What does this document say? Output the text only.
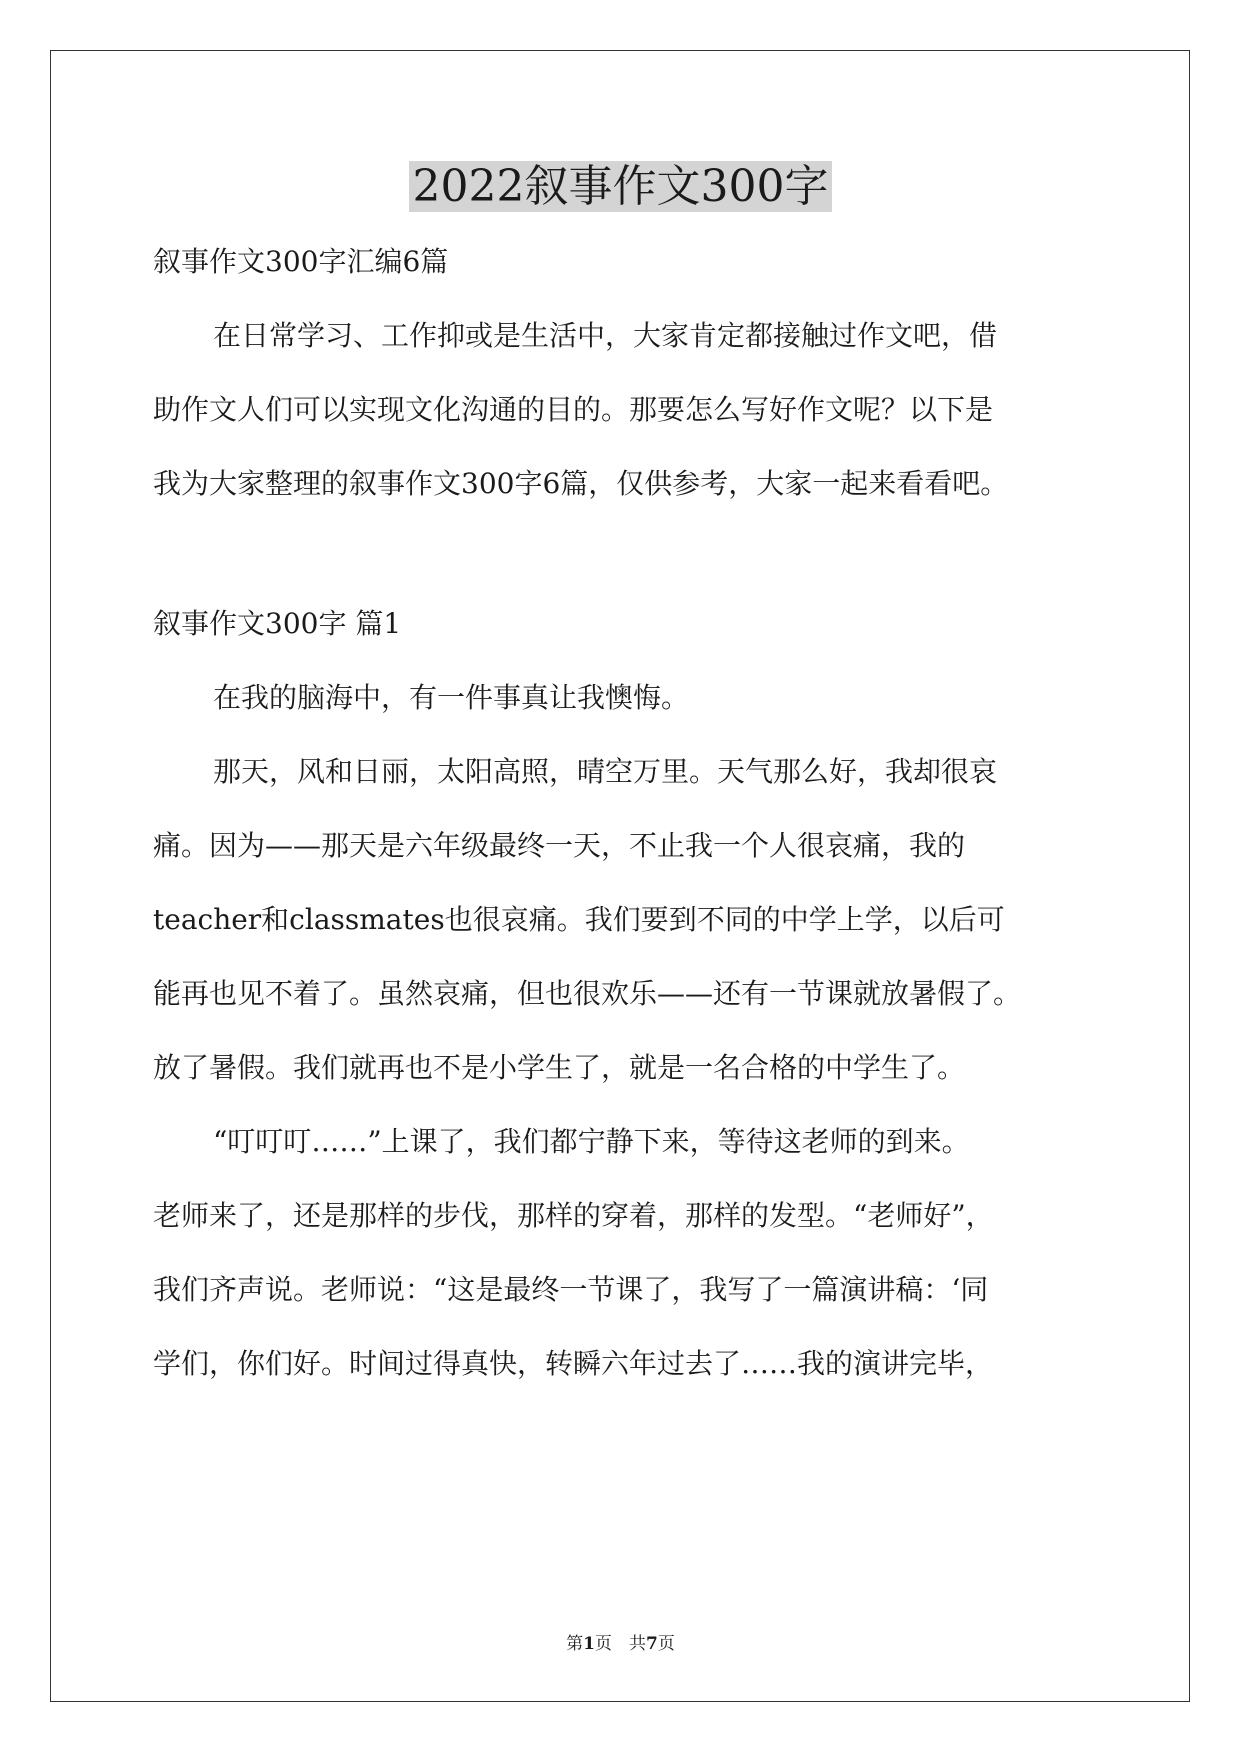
2022叙事作文300字

叙事作文300字汇编6篇

在日常学习、工作抑或是生活中，大家肯定都接触过作文吧，借

助作文人们可以实现文化沟通的目的。那要怎么写好作文呢？以下是

我为大家整理的叙事作文300字6篇，仅供参考，大家一起来看看吧。

叙事作文300字 篇1

在我的脑海中，有一件事真让我懊悔。

那天，风和日丽，太阳高照，晴空万里。天气那么好，我却很哀

痛。因为——那天是六年级最终一天，不止我一个人很哀痛，我的

teacher和classmates也很哀痛。我们要到不同的中学上学，以后可

能再也见不着了。虽然哀痛，但也很欢乐——还有一节课就放暑假了。

放了暑假。我们就再也不是小学生了，就是一名合格的中学生了。

“叮叮叮……”上课了，我们都宁静下来，等待这老师的到来。

老师来了，还是那样的步伐，那样的穿着，那样的发型。“老师好”，

我们齐声说。老师说：“这是最终一节课了，我写了一篇演讲稿：‘同

学们，你们好。时间过得真快，转瞬六年过去了……我的演讲完毕，

第1页　共7页
